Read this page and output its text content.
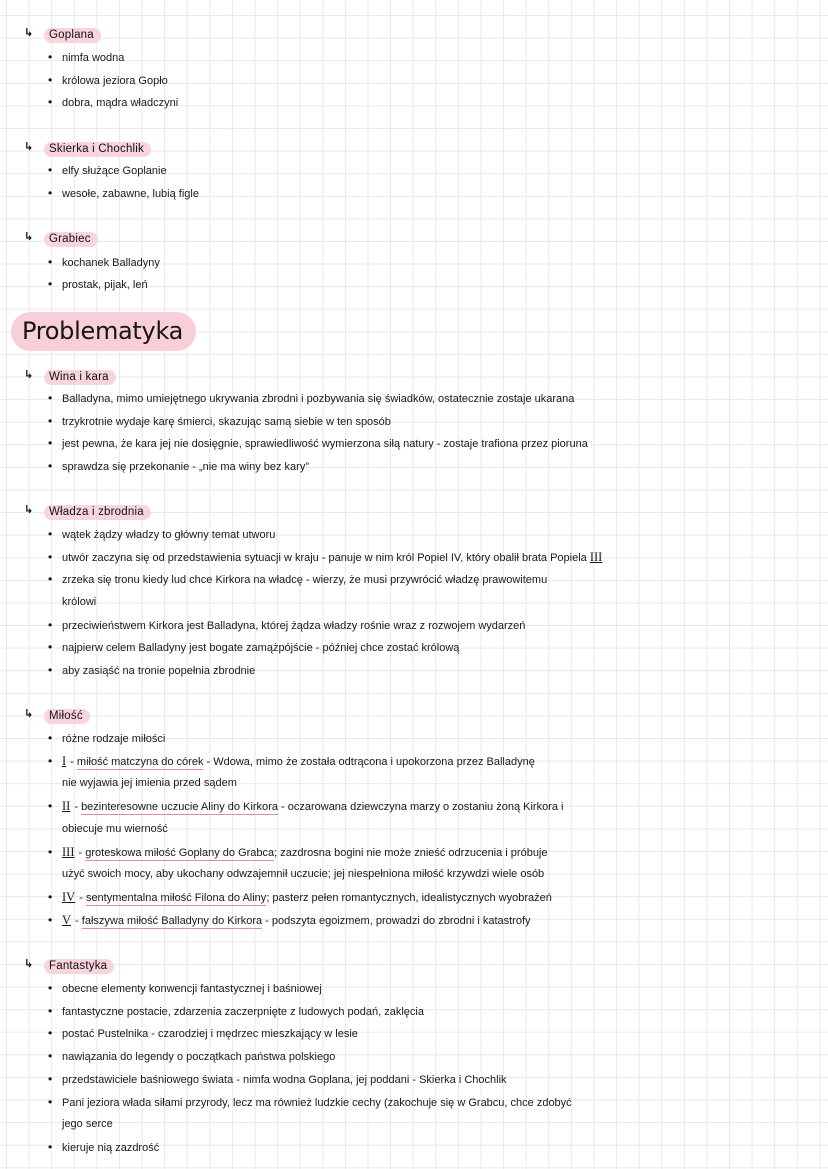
↳	Goplana
• nimfa wodna
• królowa jeziora Gopło
• dobra, mądra władczyni
↳	Skierka i Chochlik
• elfy służące Goplanie
• wesołe, zabawne, lubią figle
↳	Grabiec
• kochanek Balladyny
• prostak, pijak, leń
Problematyka
↳	Wina i kara
• Balladyna, mimo umiejętnego ukrywania zbrodni i pozbywania się świadków, ostatecznie zostaje ukarana
• trzykrotnie wydaje karę śmierci, skazując samą siebie w ten sposób
• jest pewna, że kara jej nie dosięgnie, sprawiedliwość wymierzona siłą natury - zostaje trafiona przez pioruna
• sprawdza się przekonanie - „nie ma winy bez kary”
↳	Władza i zbrodnia
• wątek żądzy władzy to główny temat utworu
• utwór zaczyna się od przedstawienia sytuacji w kraju - panuje w nim król Popiel IV, który obalił brata Popiela III
• zrzeka się tronu kiedy lud chce Kirkora na władcę - wierzy, że musi przywrócić władzę prawowitemu
królowi
• przeciwieństwem Kirkora jest Balladyna, której żądza władzy rośnie wraz z rozwojem wydarzeń
• najpierw celem Balladyny jest bogate zamążpójście - później chce zostać królową
• aby zasiąść na tronie popełnia zbrodnie
↳	Miłość
• różne rodzaje miłości
• I - miłość matczyna do córek - Wdowa, mimo że została odtrącona i upokorzona przez Balladynę
nie wyjawia jej imienia przed sądem
• II - bezinteresowne uczucie Aliny do Kirkora - oczarowana dziewczyna marzy o zostaniu żoną Kirkora i
obiecuje mu wierność
• III - groteskowa miłość Goplany do Grabca; zazdrosna bogini nie może znieść odrzucenia i próbuje
użyć swoich mocy, aby ukochany odwzajemnił uczucie; jej niespełniona miłość krzywdzi wiele osób
• IV - sentymentalna miłość Filona do Aliny; pasterz pełen romantycznych, idealistycznych wyobrażeń
• V - fałszywa miłość Balladyny do Kirkora - podszyta egoizmem, prowadzi do zbrodni i katastrofy
↳	Fantastyka
• obecne elementy konwencji fantastycznej i baśniowej
• fantastyczne postacie, zdarzenia zaczerpnięte z ludowych podań, zaklęcia
• postać Pustelnika - czarodziej i mędrzec mieszkający w lesie
• nawiązania do legendy o początkach państwa polskiego
• przedstawiciele baśniowego świata - nimfa wodna Goplana, jej poddani - Skierka i Chochlik
• Pani jeziora włada siłami przyrody, lecz ma również ludzkie cechy (zakochuje się w Grabcu, chce zdobyć
jego serce
• kieruje nią zazdrość
